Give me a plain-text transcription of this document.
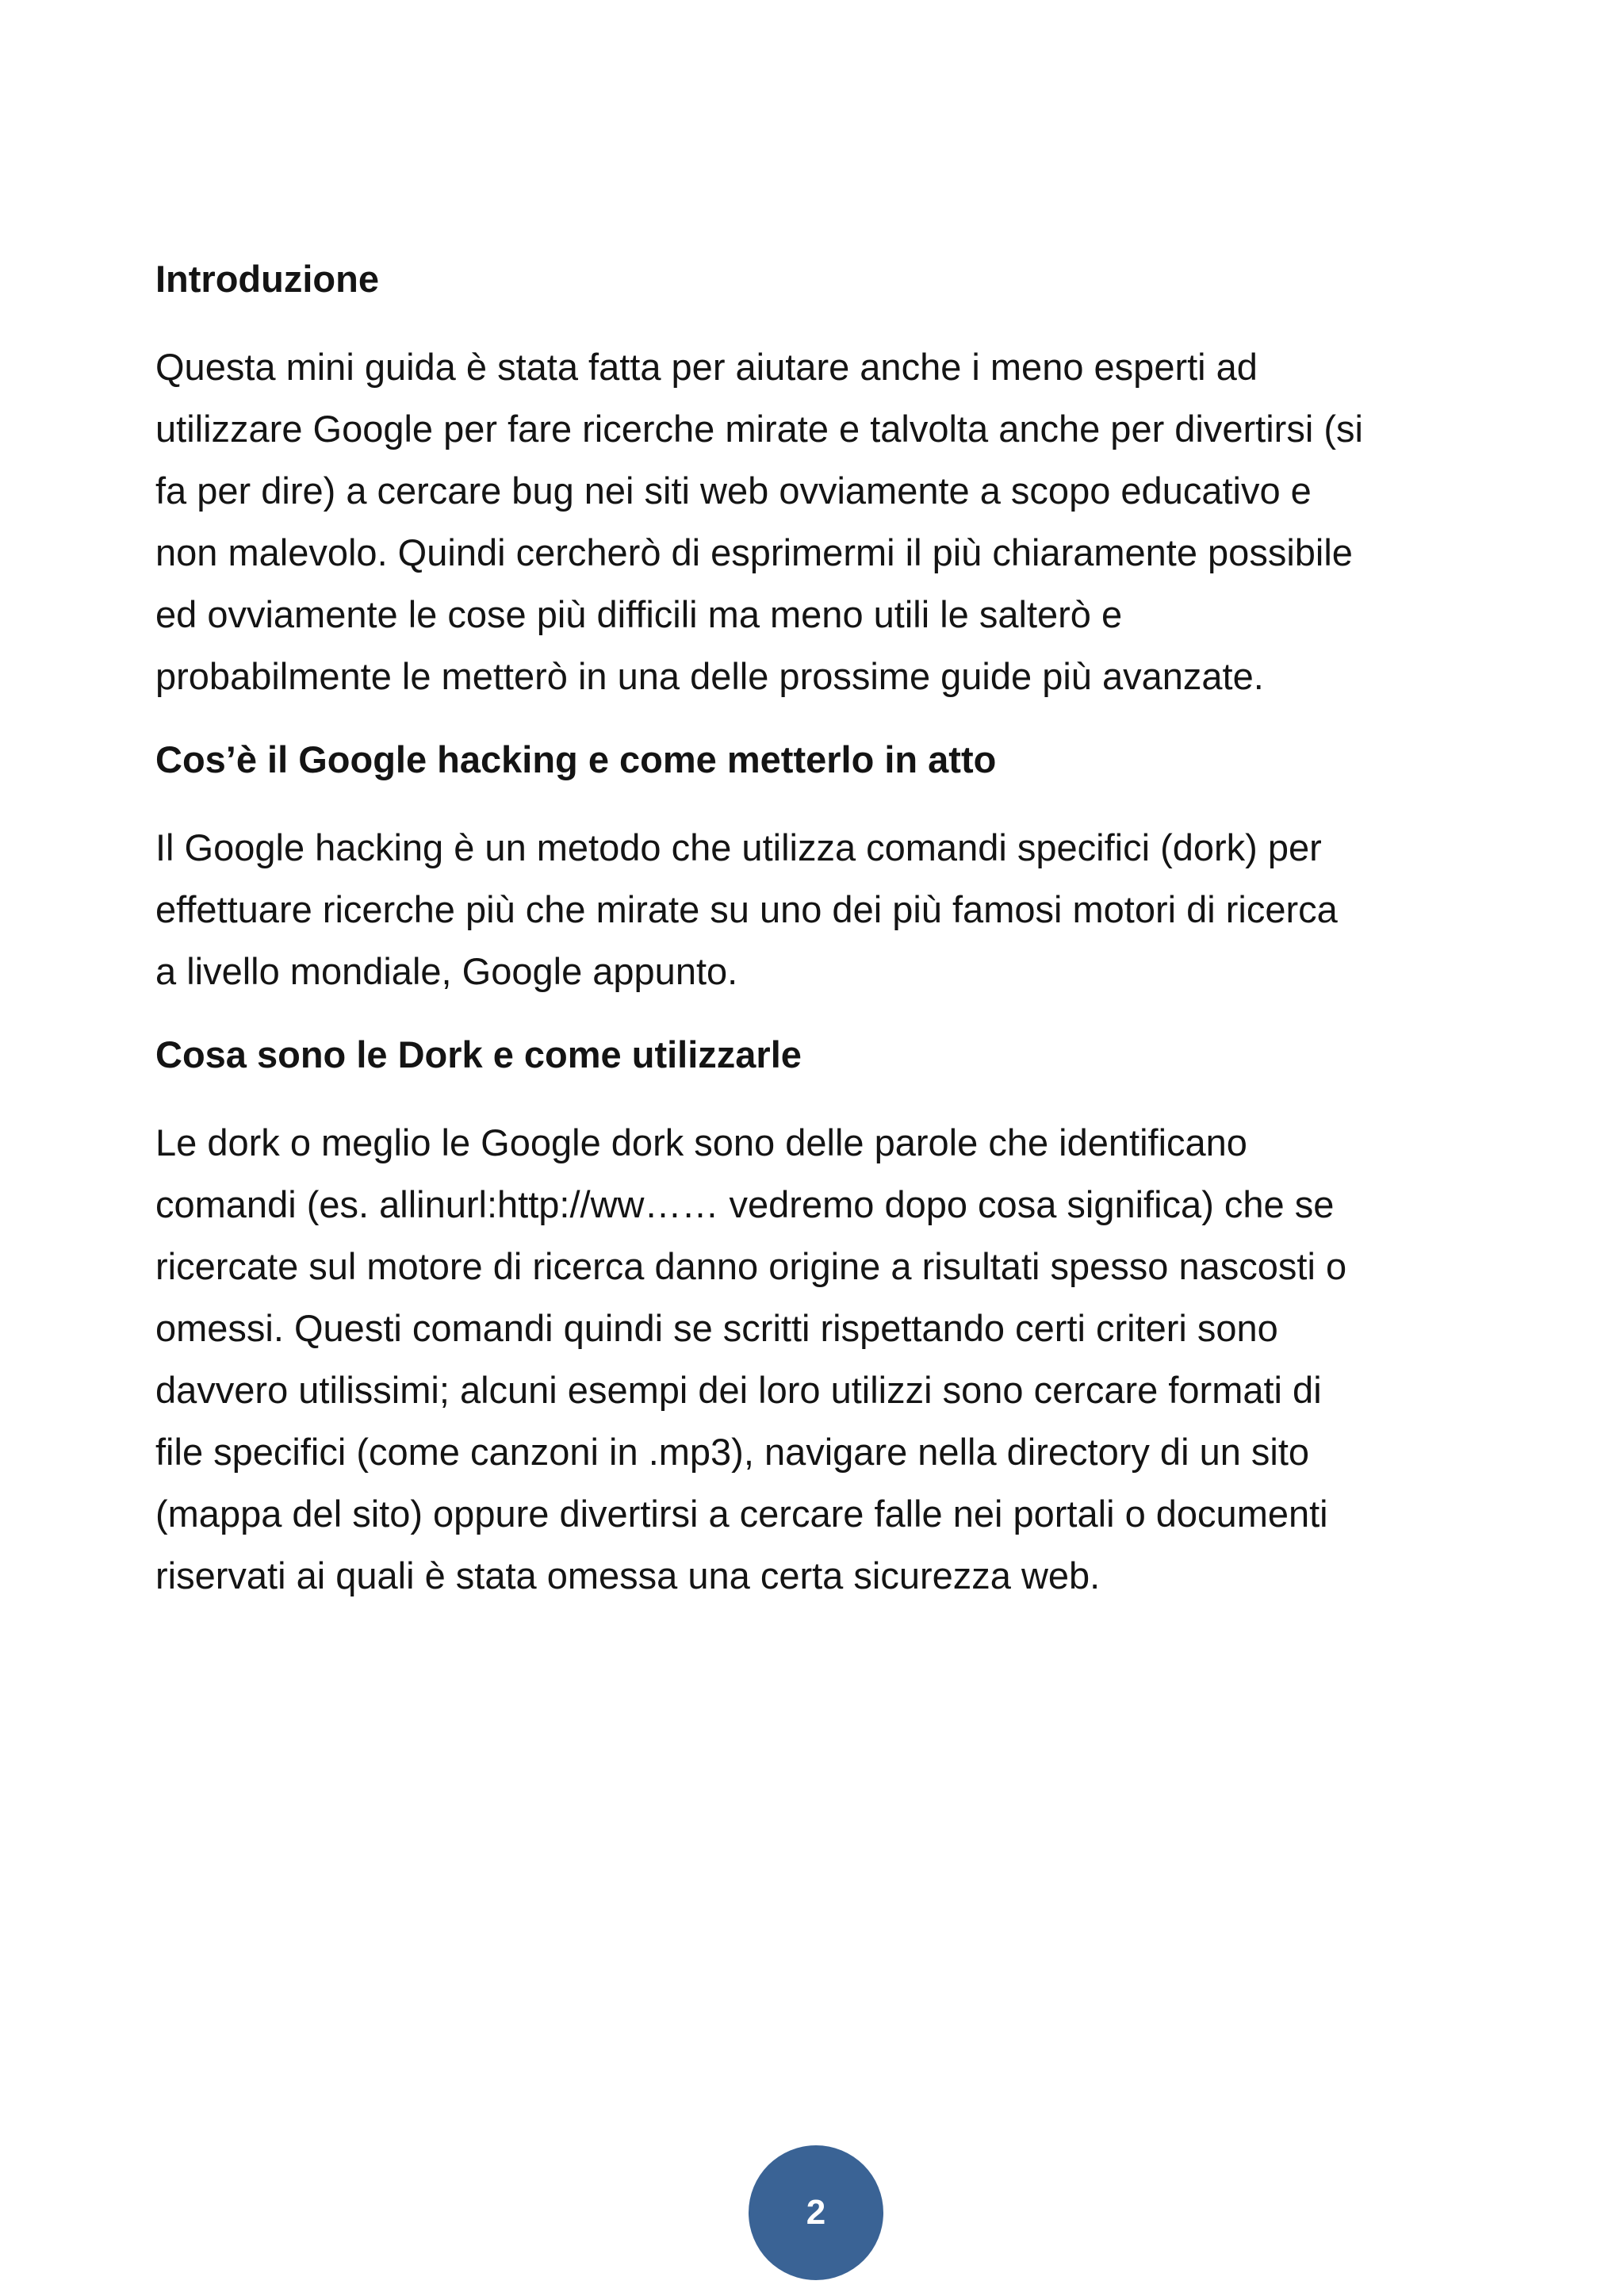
Introduzione

Questa mini guida è stata fatta per aiutare anche i meno esperti ad
utilizzare Google per fare ricerche mirate e talvolta anche per divertirsi (si
fa per dire) a cercare bug nei siti web ovviamente a scopo educativo e
non malevolo. Quindi cercherò di esprimermi il più chiaramente possibile
ed ovviamente le cose più difficili ma meno utili le salterò e
probabilmente le metterò in una delle prossime guide più avanzate.

Cos’è il Google hacking e come metterlo in atto

Il Google hacking è un metodo che utilizza comandi specifici (dork) per
effettuare ricerche più che mirate su uno dei più famosi motori di ricerca
a livello mondiale, Google appunto.

Cosa sono le Dork e come utilizzarle

Le dork o meglio le Google dork sono delle parole che identificano
comandi (es. allinurl:http://ww…… vedremo dopo cosa significa) che se
ricercate sul motore di ricerca danno origine a risultati spesso nascosti o
omessi. Questi comandi quindi se scritti rispettando certi criteri sono
davvero utilissimi; alcuni esempi dei loro utilizzi sono cercare formati di
file specifici (come canzoni in .mp3), navigare nella directory di un sito
(mappa del sito) oppure divertirsi a cercare falle nei portali o documenti
riservati ai quali è stata omessa una certa sicurezza web.

2
